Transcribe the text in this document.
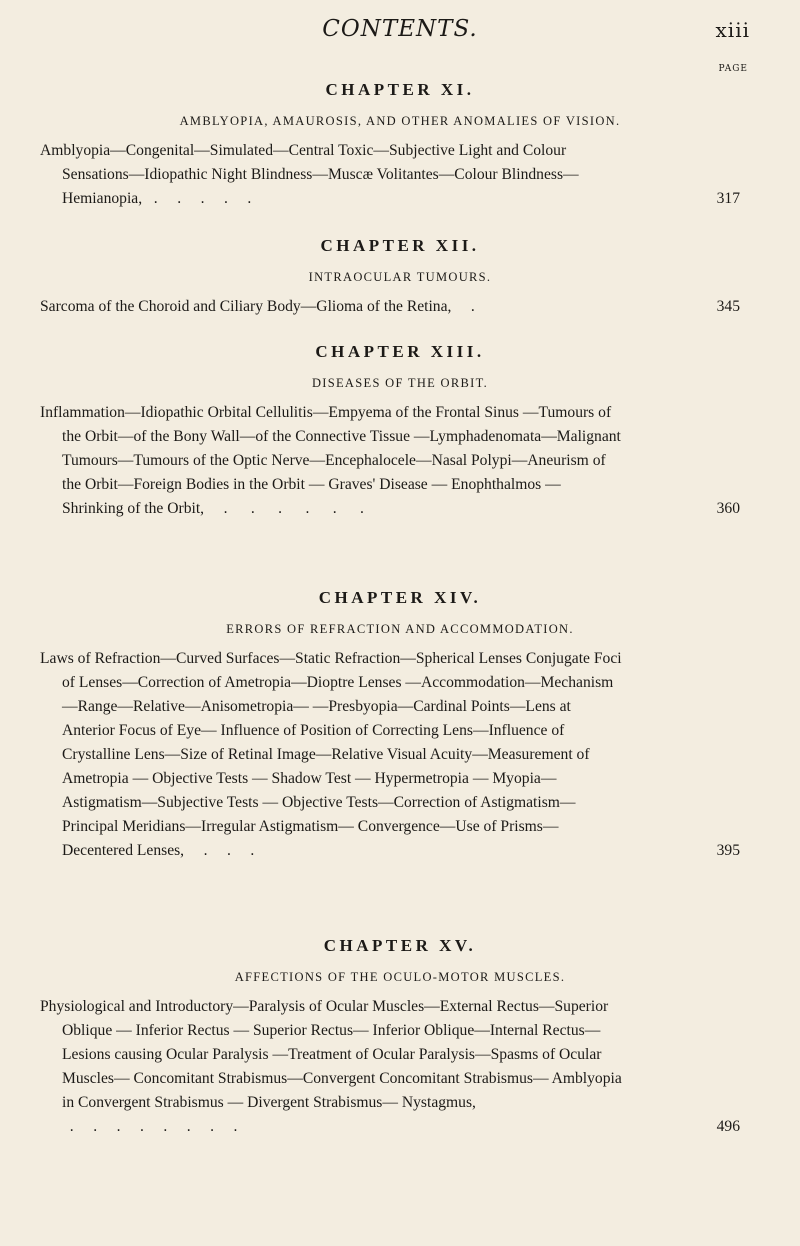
CONTENTS.	xiii
PAGE
CHAPTER XI.
AMBLYOPIA, AMAUROSIS, AND OTHER ANOMALIES OF VISION.
Amblyopia—Congenital—Simulated—Central Toxic—Subjective Light and Colour Sensations—Idiopathic Night Blindness—Muscæ Volitantes—Colour Blindness—Hemianopia,   .     .     .     .     .	317
CHAPTER XII.
INTRAOCULAR TUMOURS.
Sarcoma of the Choroid and Ciliary Body—Glioma of the Retina,     .	345
CHAPTER XIII.
DISEASES OF THE ORBIT.
Inflammation—Idiopathic Orbital Cellulitis—Empyema of the Frontal Sinus —Tumours of the Orbit—of the Bony Wall—of the Connective Tissue —Lymphadenomata—Malignant Tumours—Tumours of the Optic Nerve—Encephalocele—Nasal Polypi—Aneurism of the Orbit—Foreign Bodies in the Orbit — Graves' Disease — Enophthalmos — Shrinking of the Orbit,     .      .      .      .      .      .	360
CHAPTER XIV.
ERRORS OF REFRACTION AND ACCOMMODATION.
Laws of Refraction—Curved Surfaces—Static Refraction—Spherical Lenses Conjugate Foci of Lenses—Correction of Ametropia—Dioptre Lenses —Accommodation—Mechanism—Range—Relative—Anisometropia— —Presbyopia—Cardinal Points—Lens at Anterior Focus of Eye— Influence of Position of Correcting Lens—Influence of Crystalline Lens—Size of Retinal Image—Relative Visual Acuity—Measurement of Ametropia — Objective Tests — Shadow Test — Hypermetropia — Myopia—Astigmatism—Subjective Tests — Objective Tests—Correction of Astigmatism—Principal Meridians—Irregular Astigmatism— Convergence—Use of Prisms—Decentered Lenses,     .     .     .	395
CHAPTER XV.
AFFECTIONS OF THE OCULO-MOTOR MUSCLES.
Physiological and Introductory—Paralysis of Ocular Muscles—External Rectus—Superior Oblique — Inferior Rectus — Superior Rectus— Inferior Oblique—Internal Rectus—Lesions causing Ocular Paralysis —Treatment of Ocular Paralysis—Spasms of Ocular Muscles— Concomitant Strabismus—Convergent Concomitant Strabismus— Amblyopia in Convergent Strabismus — Divergent Strabismus— Nystagmus,  .     .     .     .     .     .     .     .	496
